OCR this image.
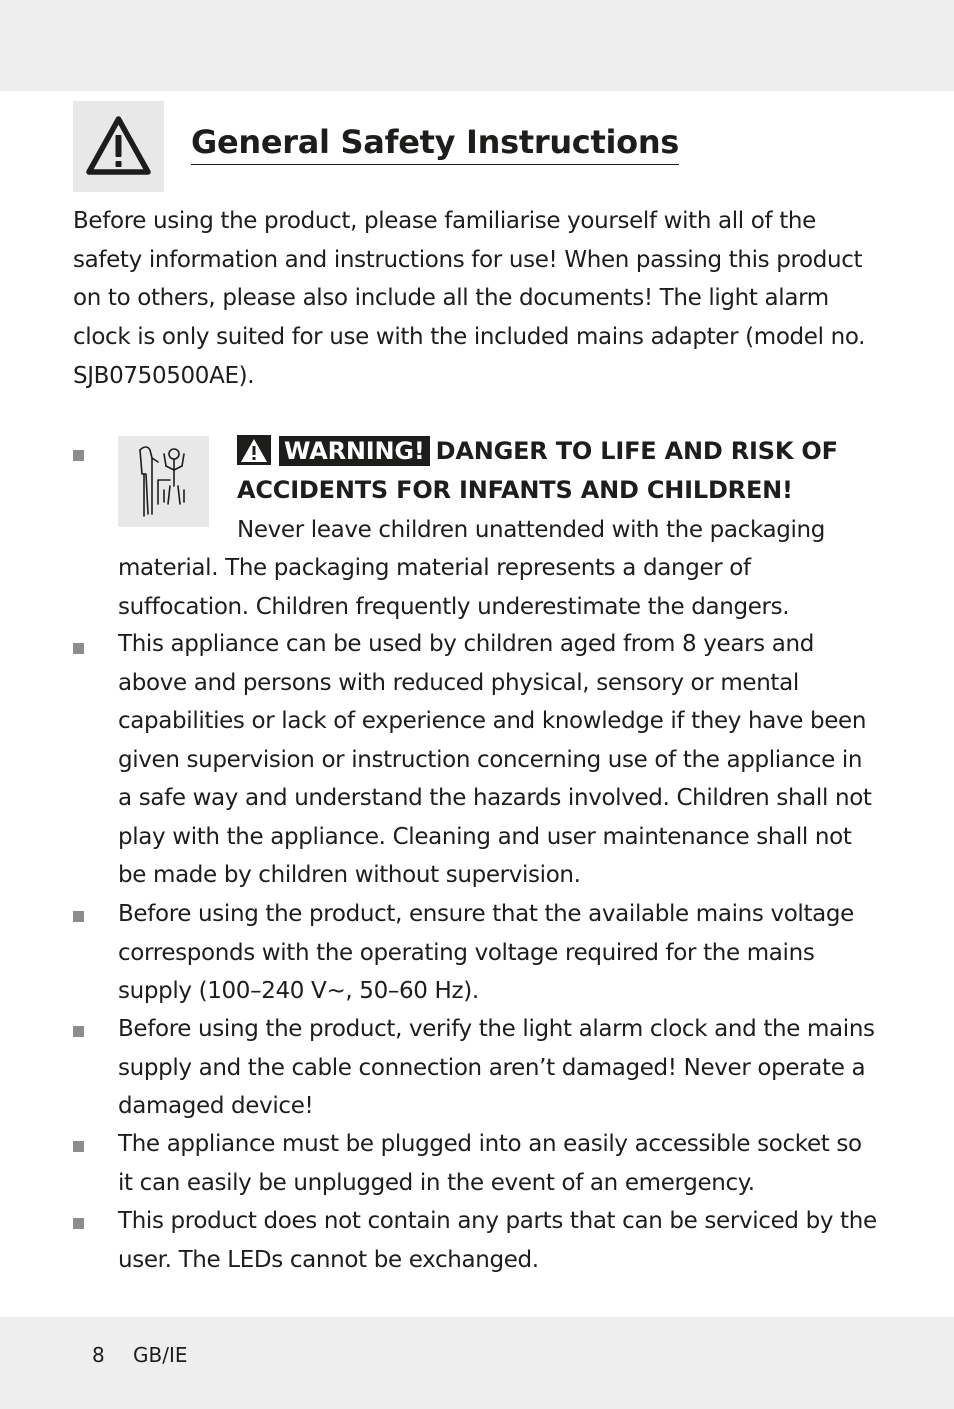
General Safety Instructions

Before using the product, please familiarise yourself with all of the safety information and instructions for use! When passing this product on to others, please also include all the documents! The light alarm clock is only suited for use with the included mains adapter (model no. SJB0750500AE).

WARNING! DANGER TO LIFE AND RISK OF ACCIDENTS FOR INFANTS AND CHILDREN!

Never leave children unattended with the packaging

material. The packaging material represents a danger of suffocation. Children frequently underestimate the dangers.

This appliance can be used by children aged from 8 years and above and persons with reduced physical, sensory or mental capabilities or lack of experience and knowledge if they have been given supervision or instruction concerning use of the appliance in a safe way and understand the hazards involved. Children shall not play with the appliance. Cleaning and user maintenance shall not be made by children without supervision.

Before using the product, ensure that the available mains voltage corresponds with the operating voltage required for the mains supply (100–240 V~, 50–60 Hz).

Before using the product, verify the light alarm clock and the mains supply and the cable connection aren’t damaged! Never operate a damaged device!

The appliance must be plugged into an easily accessible socket so it can easily be unplugged in the event of an emergency.

This product does not contain any parts that can be serviced by the user. The LEDs cannot be exchanged.

8 GB/IE
